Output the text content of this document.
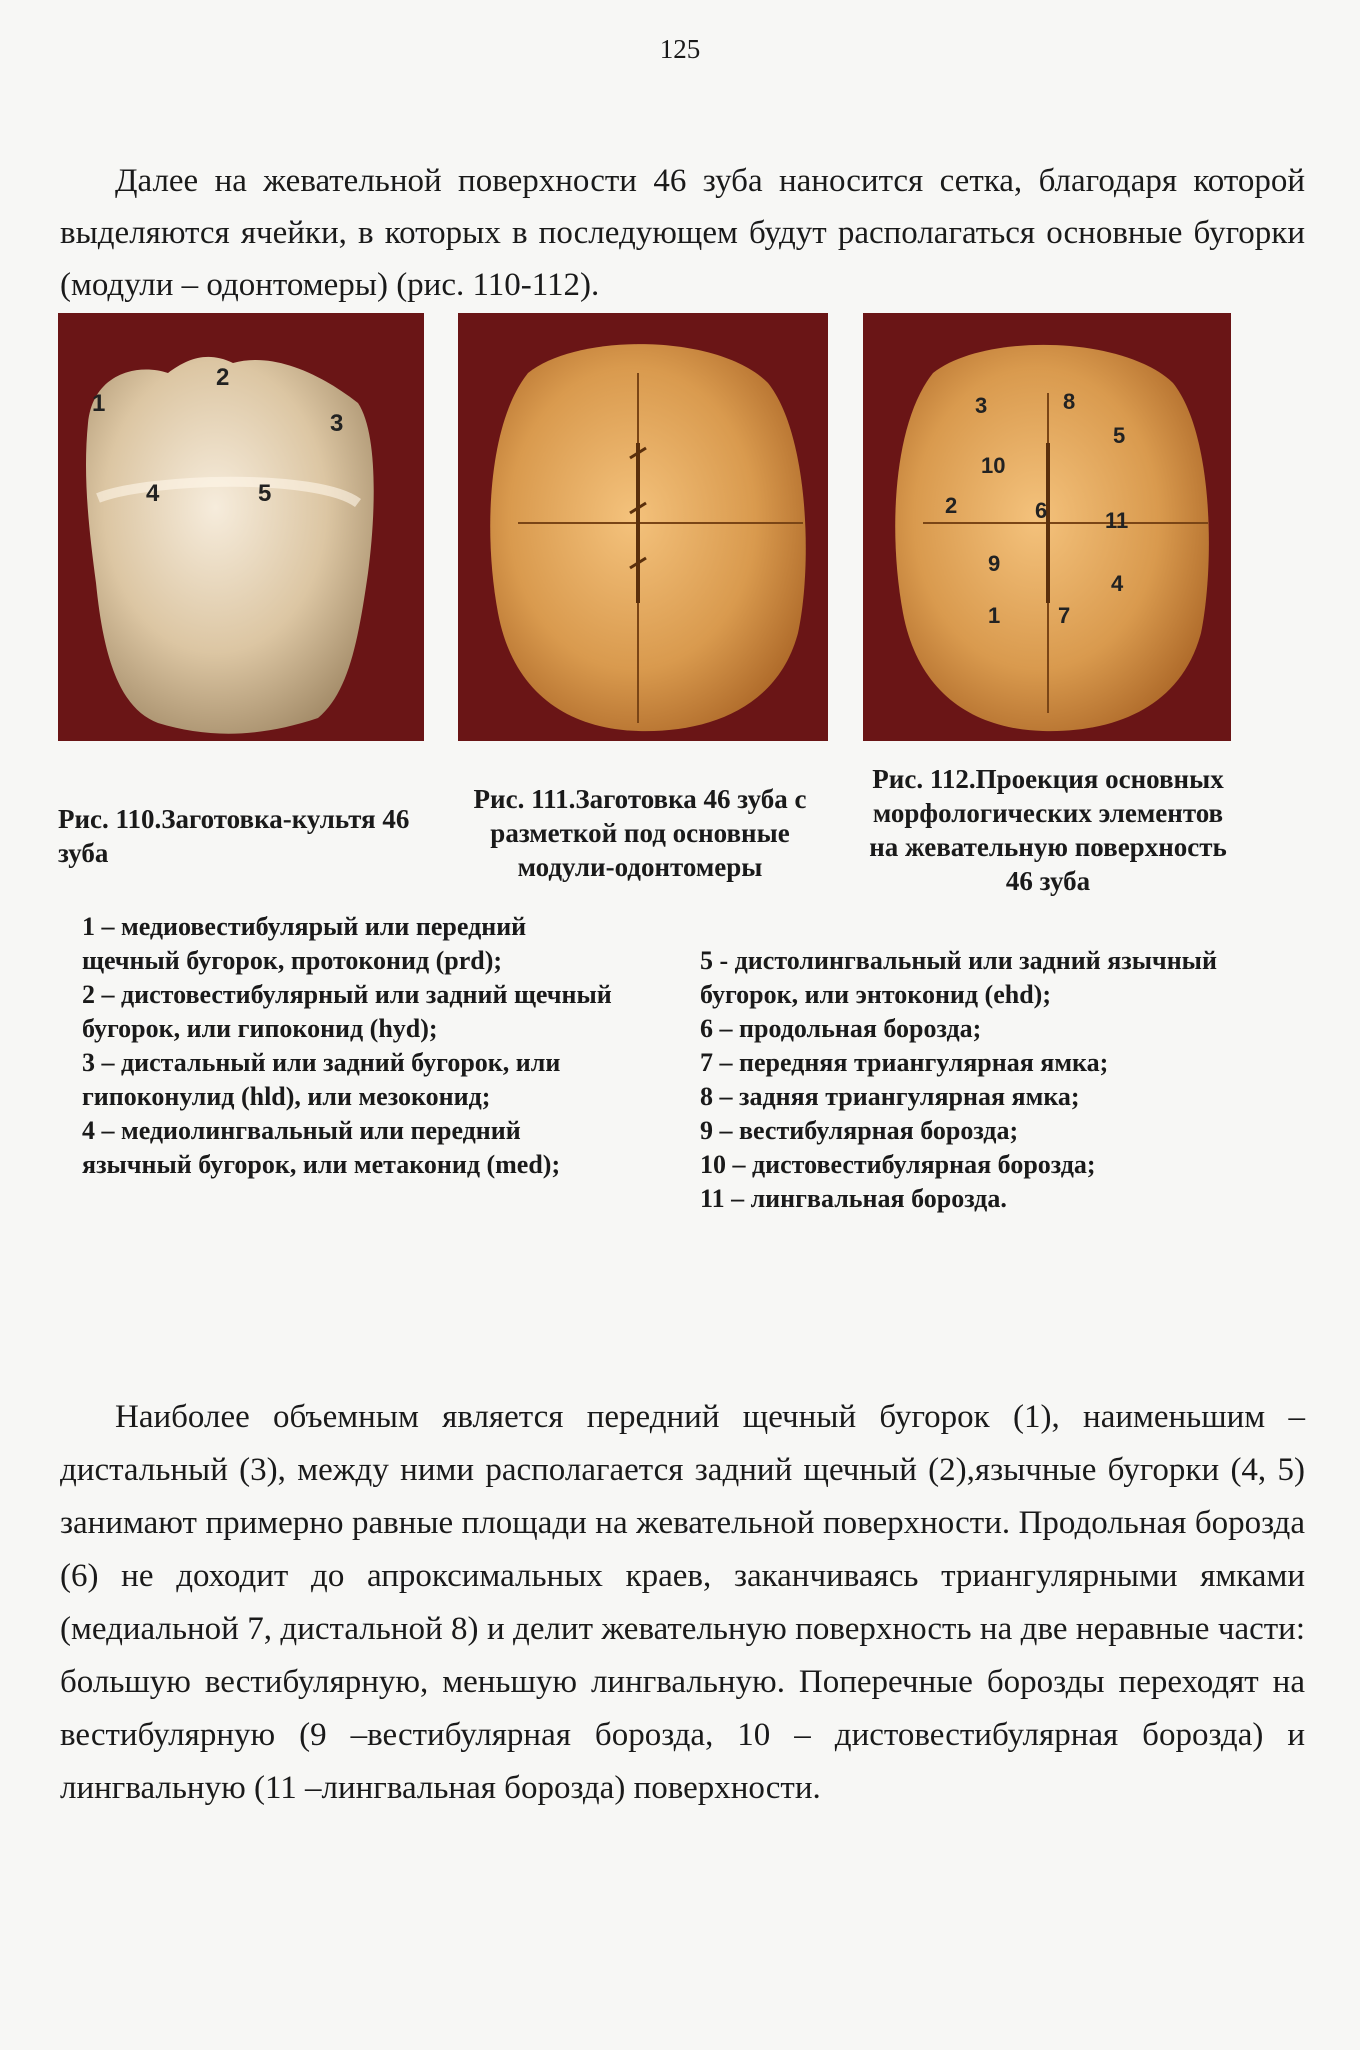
125

Далее на жевательной поверхности 46 зуба наносится сетка, благодаря которой выделяются ячейки, в которых в последующем будут располагаться основные бугорки (модули – одонтомеры) (рис. 110-112).

1
2
3
4	5
3	8
5
10
2	6	11
9
4
1	7
Рис. 110.Заготовка-культя 46 зуба
Рис. 111.Заготовка 46 зуба с разметкой под основные модули-одонтомеры
Рис. 112.Проекция основных морфологических элементов на жевательную поверхность 46 зуба
1 – медиовестибулярый или передний щечный бугорок, протоконид (prd);
2 – дистовестибулярный или задний щечный бугорок, или гипоконид (hyd);
3 – дистальный или задний бугорок, или гипоконулид (hld), или мезоконид;
4 – медиолингвальный или передний язычный бугорок, или метаконид (med);
5 - дистолингвальный или задний язычный бугорок, или энтоконид (ehd);
6 – продольная борозда;
7 – передняя триангулярная ямка;
8 – задняя триангулярная ямка;
9 – вестибулярная борозда;
10 – дистовестибулярная борозда;
11 – лингвальная борозда.

Наиболее объемным является передний щечный бугорок (1), наименьшим – дистальный (3), между ними располагается задний щечный (2),язычные бугорки (4, 5) занимают примерно равные площади на жевательной поверхности. Продольная борозда (6) не доходит до апроксимальных краев, заканчиваясь триангулярными ямками (медиальной 7, дистальной 8) и делит жевательную поверхность на две неравные части: большую вестибулярную, меньшую лингвальную. Поперечные борозды переходят на вестибулярную (9 –вестибулярная борозда, 10 – дистовестибулярная борозда) и лингвальную (11 –лингвальная борозда) поверхности.
